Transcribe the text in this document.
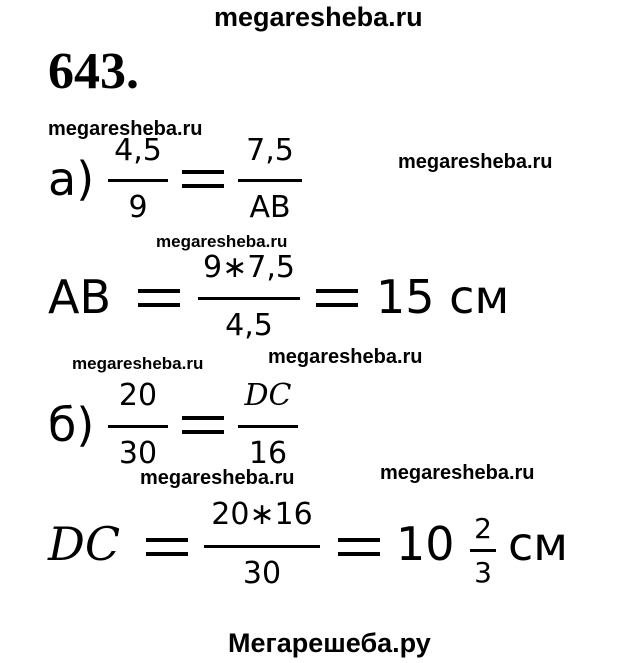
megaresheba.ru
643.
megaresheba.ru
megaresheba.ru
а)
4,5
9
7,5
AB
megaresheba.ru
AB
9∗7,5
4,5
15 см
megaresheba.ru	megaresheba.ru
б)
20
30
DC
16
megaresheba.ru	megaresheba.ru
DC
20∗16
30
10 2
3
см
Мегарешеба.ру
